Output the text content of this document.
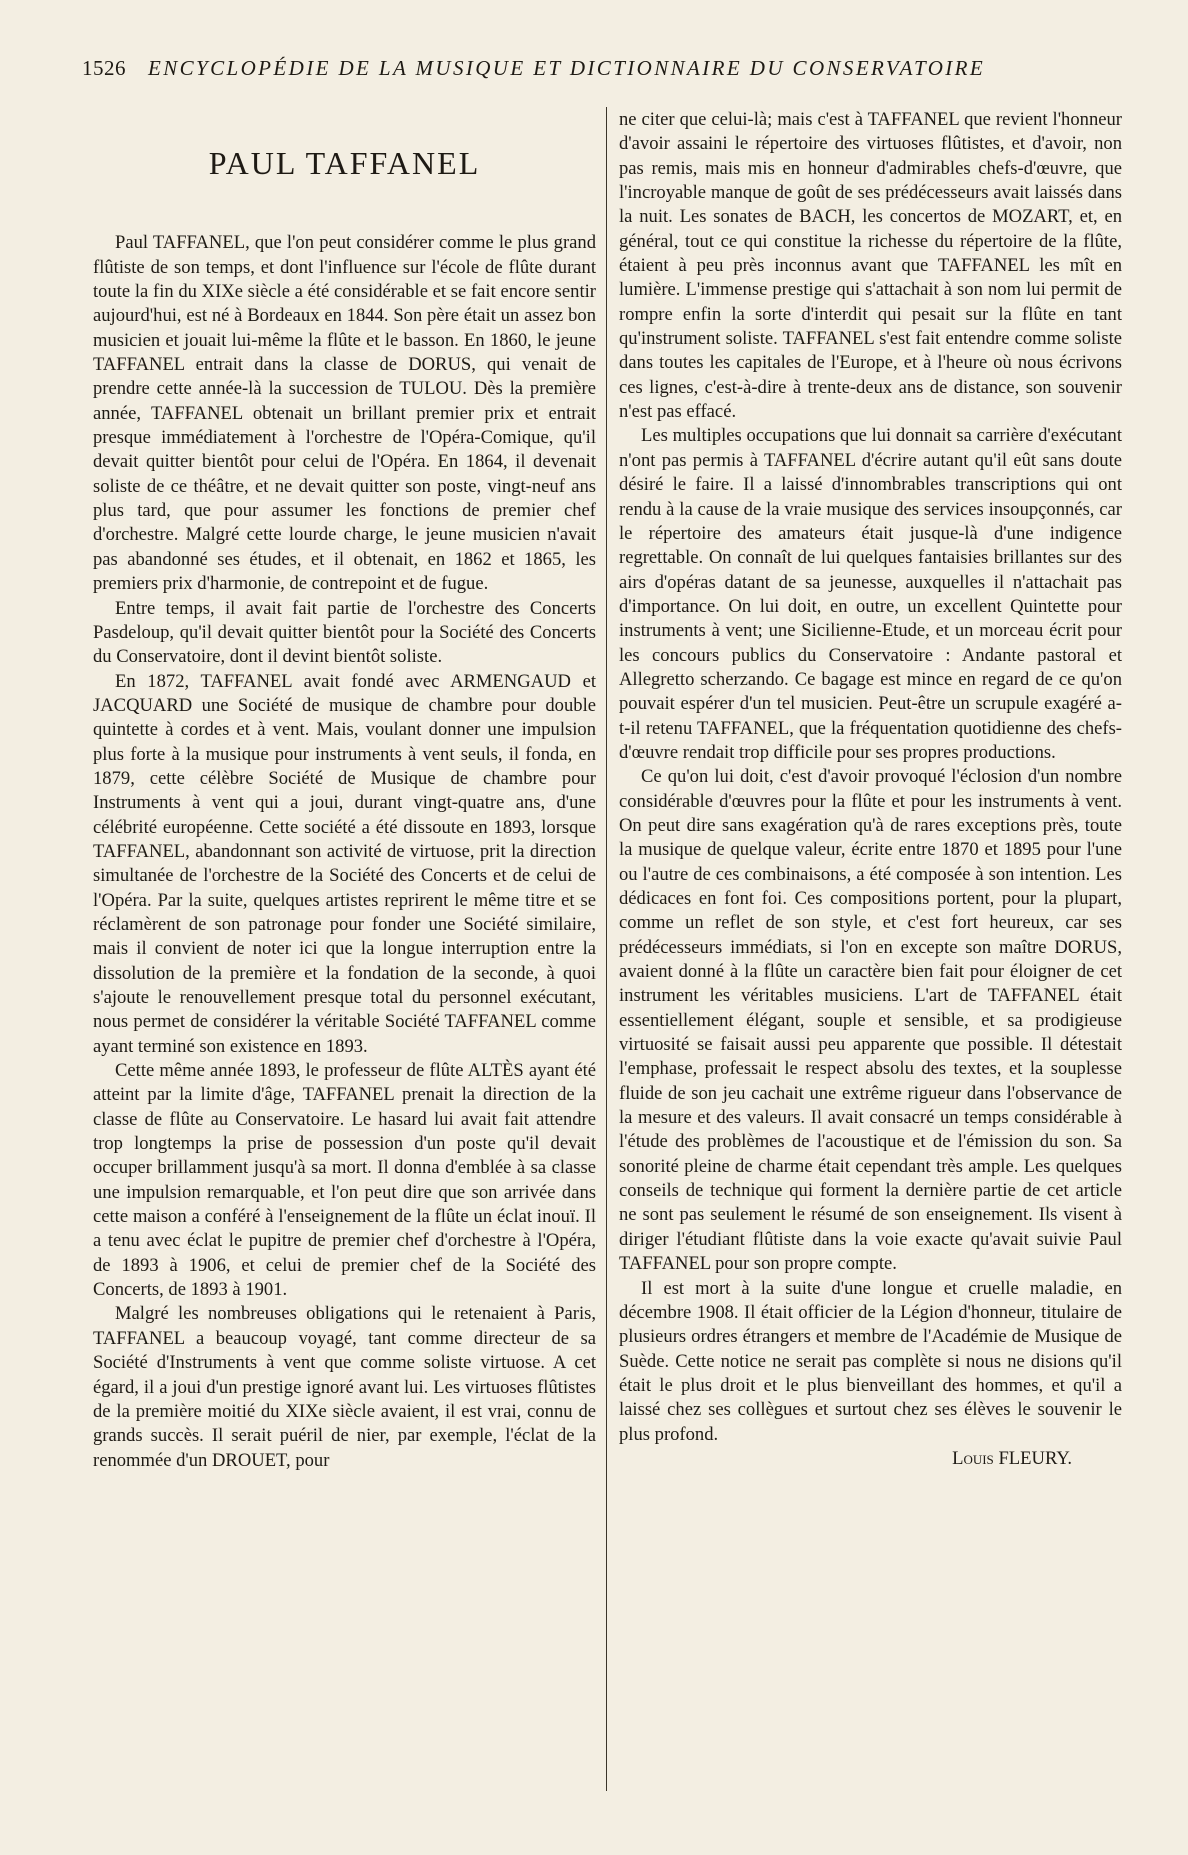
1526 ENCYCLOPÉDIE DE LA MUSIQUE ET DICTIONNAIRE DU CONSERVATOIRE
PAUL TAFFANEL

Paul TAFFANEL, que l'on peut considérer comme le plus grand flûtiste de son temps, et dont l'influence sur l'école de flûte durant toute la fin du XIXe siècle a été considérable et se fait encore sentir aujourd'hui, est né à Bordeaux en 1844. Son père était un assez bon musicien et jouait lui-même la flûte et le basson. En 1860, le jeune TAFFANEL entrait dans la classe de DORUS, qui venait de prendre cette année-là la succession de TULOU. Dès la première année, TAFFANEL obtenait un brillant premier prix et entrait presque immédiatement à l'orchestre de l'Opéra-Comique, qu'il devait quitter bientôt pour celui de l'Opéra. En 1864, il devenait soliste de ce théâtre, et ne devait quitter son poste, vingt-neuf ans plus tard, que pour assumer les fonctions de premier chef d'orchestre. Malgré cette lourde charge, le jeune musicien n'avait pas abandonné ses études, et il obtenait, en 1862 et 1865, les premiers prix d'harmonie, de contrepoint et de fugue.

Entre temps, il avait fait partie de l'orchestre des Concerts Pasdeloup, qu'il devait quitter bientôt pour la Société des Concerts du Conservatoire, dont il devint bientôt soliste.

En 1872, TAFFANEL avait fondé avec ARMENGAUD et JACQUARD une Société de musique de chambre pour double quintette à cordes et à vent. Mais, voulant donner une impulsion plus forte à la musique pour instruments à vent seuls, il fonda, en 1879, cette célèbre Société de Musique de chambre pour Instruments à vent qui a joui, durant vingt-quatre ans, d'une célébrité européenne. Cette société a été dissoute en 1893, lorsque TAFFANEL, abandonnant son activité de virtuose, prit la direction simultanée de l'orchestre de la Société des Concerts et de celui de l'Opéra. Par la suite, quelques artistes reprirent le même titre et se réclamèrent de son patronage pour fonder une Société similaire, mais il convient de noter ici que la longue interruption entre la dissolution de la première et la fondation de la seconde, à quoi s'ajoute le renouvellement presque total du personnel exécutant, nous permet de considérer la véritable Société TAFFANEL comme ayant terminé son existence en 1893.

Cette même année 1893, le professeur de flûte ALTÈS ayant été atteint par la limite d'âge, TAFFANEL prenait la direction de la classe de flûte au Conservatoire. Le hasard lui avait fait attendre trop longtemps la prise de possession d'un poste qu'il devait occuper brillamment jusqu'à sa mort. Il donna d'emblée à sa classe une impulsion remarquable, et l'on peut dire que son arrivée dans cette maison a conféré à l'enseignement de la flûte un éclat inouï. Il a tenu avec éclat le pupitre de premier chef d'orchestre à l'Opéra, de 1893 à 1906, et celui de premier chef de la Société des Concerts, de 1893 à 1901.

Malgré les nombreuses obligations qui le retenaient à Paris, TAFFANEL a beaucoup voyagé, tant comme directeur de sa Société d'Instruments à vent que comme soliste virtuose. A cet égard, il a joui d'un prestige ignoré avant lui. Les virtuoses flûtistes de la première moitié du XIXe siècle avaient, il est vrai, connu de grands succès. Il serait puéril de nier, par exemple, l'éclat de la renommée d'un DROUET, pour

ne citer que celui-là; mais c'est à TAFFANEL que revient l'honneur d'avoir assaini le répertoire des virtuoses flûtistes, et d'avoir, non pas remis, mais mis en honneur d'admirables chefs-d'œuvre, que l'incroyable manque de goût de ses prédécesseurs avait laissés dans la nuit. Les sonates de BACH, les concertos de MOZART, et, en général, tout ce qui constitue la richesse du répertoire de la flûte, étaient à peu près inconnus avant que TAFFANEL les mît en lumière. L'immense prestige qui s'attachait à son nom lui permit de rompre enfin la sorte d'interdit qui pesait sur la flûte en tant qu'instrument soliste. TAFFANEL s'est fait entendre comme soliste dans toutes les capitales de l'Europe, et à l'heure où nous écrivons ces lignes, c'est-à-dire à trente-deux ans de distance, son souvenir n'est pas effacé.

Les multiples occupations que lui donnait sa carrière d'exécutant n'ont pas permis à TAFFANEL d'écrire autant qu'il eût sans doute désiré le faire. Il a laissé d'innombrables transcriptions qui ont rendu à la cause de la vraie musique des services insoupçonnés, car le répertoire des amateurs était jusque-là d'une indigence regrettable. On connaît de lui quelques fantaisies brillantes sur des airs d'opéras datant de sa jeunesse, auxquelles il n'attachait pas d'importance. On lui doit, en outre, un excellent Quintette pour instruments à vent; une Sicilienne-Etude, et un morceau écrit pour les concours publics du Conservatoire : Andante pastoral et Allegretto scherzando. Ce bagage est mince en regard de ce qu'on pouvait espérer d'un tel musicien. Peut-être un scrupule exagéré a-t-il retenu TAFFANEL, que la fréquentation quotidienne des chefs-d'œuvre rendait trop difficile pour ses propres productions.

Ce qu'on lui doit, c'est d'avoir provoqué l'éclosion d'un nombre considérable d'œuvres pour la flûte et pour les instruments à vent. On peut dire sans exagération qu'à de rares exceptions près, toute la musique de quelque valeur, écrite entre 1870 et 1895 pour l'une ou l'autre de ces combinaisons, a été composée à son intention. Les dédicaces en font foi. Ces compositions portent, pour la plupart, comme un reflet de son style, et c'est fort heureux, car ses prédécesseurs immédiats, si l'on en excepte son maître DORUS, avaient donné à la flûte un caractère bien fait pour éloigner de cet instrument les véritables musiciens. L'art de TAFFANEL était essentiellement élégant, souple et sensible, et sa prodigieuse virtuosité se faisait aussi peu apparente que possible. Il détestait l'emphase, professait le respect absolu des textes, et la souplesse fluide de son jeu cachait une extrême rigueur dans l'observance de la mesure et des valeurs. Il avait consacré un temps considérable à l'étude des problèmes de l'acoustique et de l'émission du son. Sa sonorité pleine de charme était cependant très ample. Les quelques conseils de technique qui forment la dernière partie de cet article ne sont pas seulement le résumé de son enseignement. Ils visent à diriger l'étudiant flûtiste dans la voie exacte qu'avait suivie Paul TAFFANEL pour son propre compte.

Il est mort à la suite d'une longue et cruelle maladie, en décembre 1908. Il était officier de la Légion d'honneur, titulaire de plusieurs ordres étrangers et membre de l'Académie de Musique de Suède. Cette notice ne serait pas complète si nous ne disions qu'il était le plus droit et le plus bienveillant des hommes, et qu'il a laissé chez ses collègues et surtout chez ses élèves le souvenir le plus profond.

Louis FLEURY.
